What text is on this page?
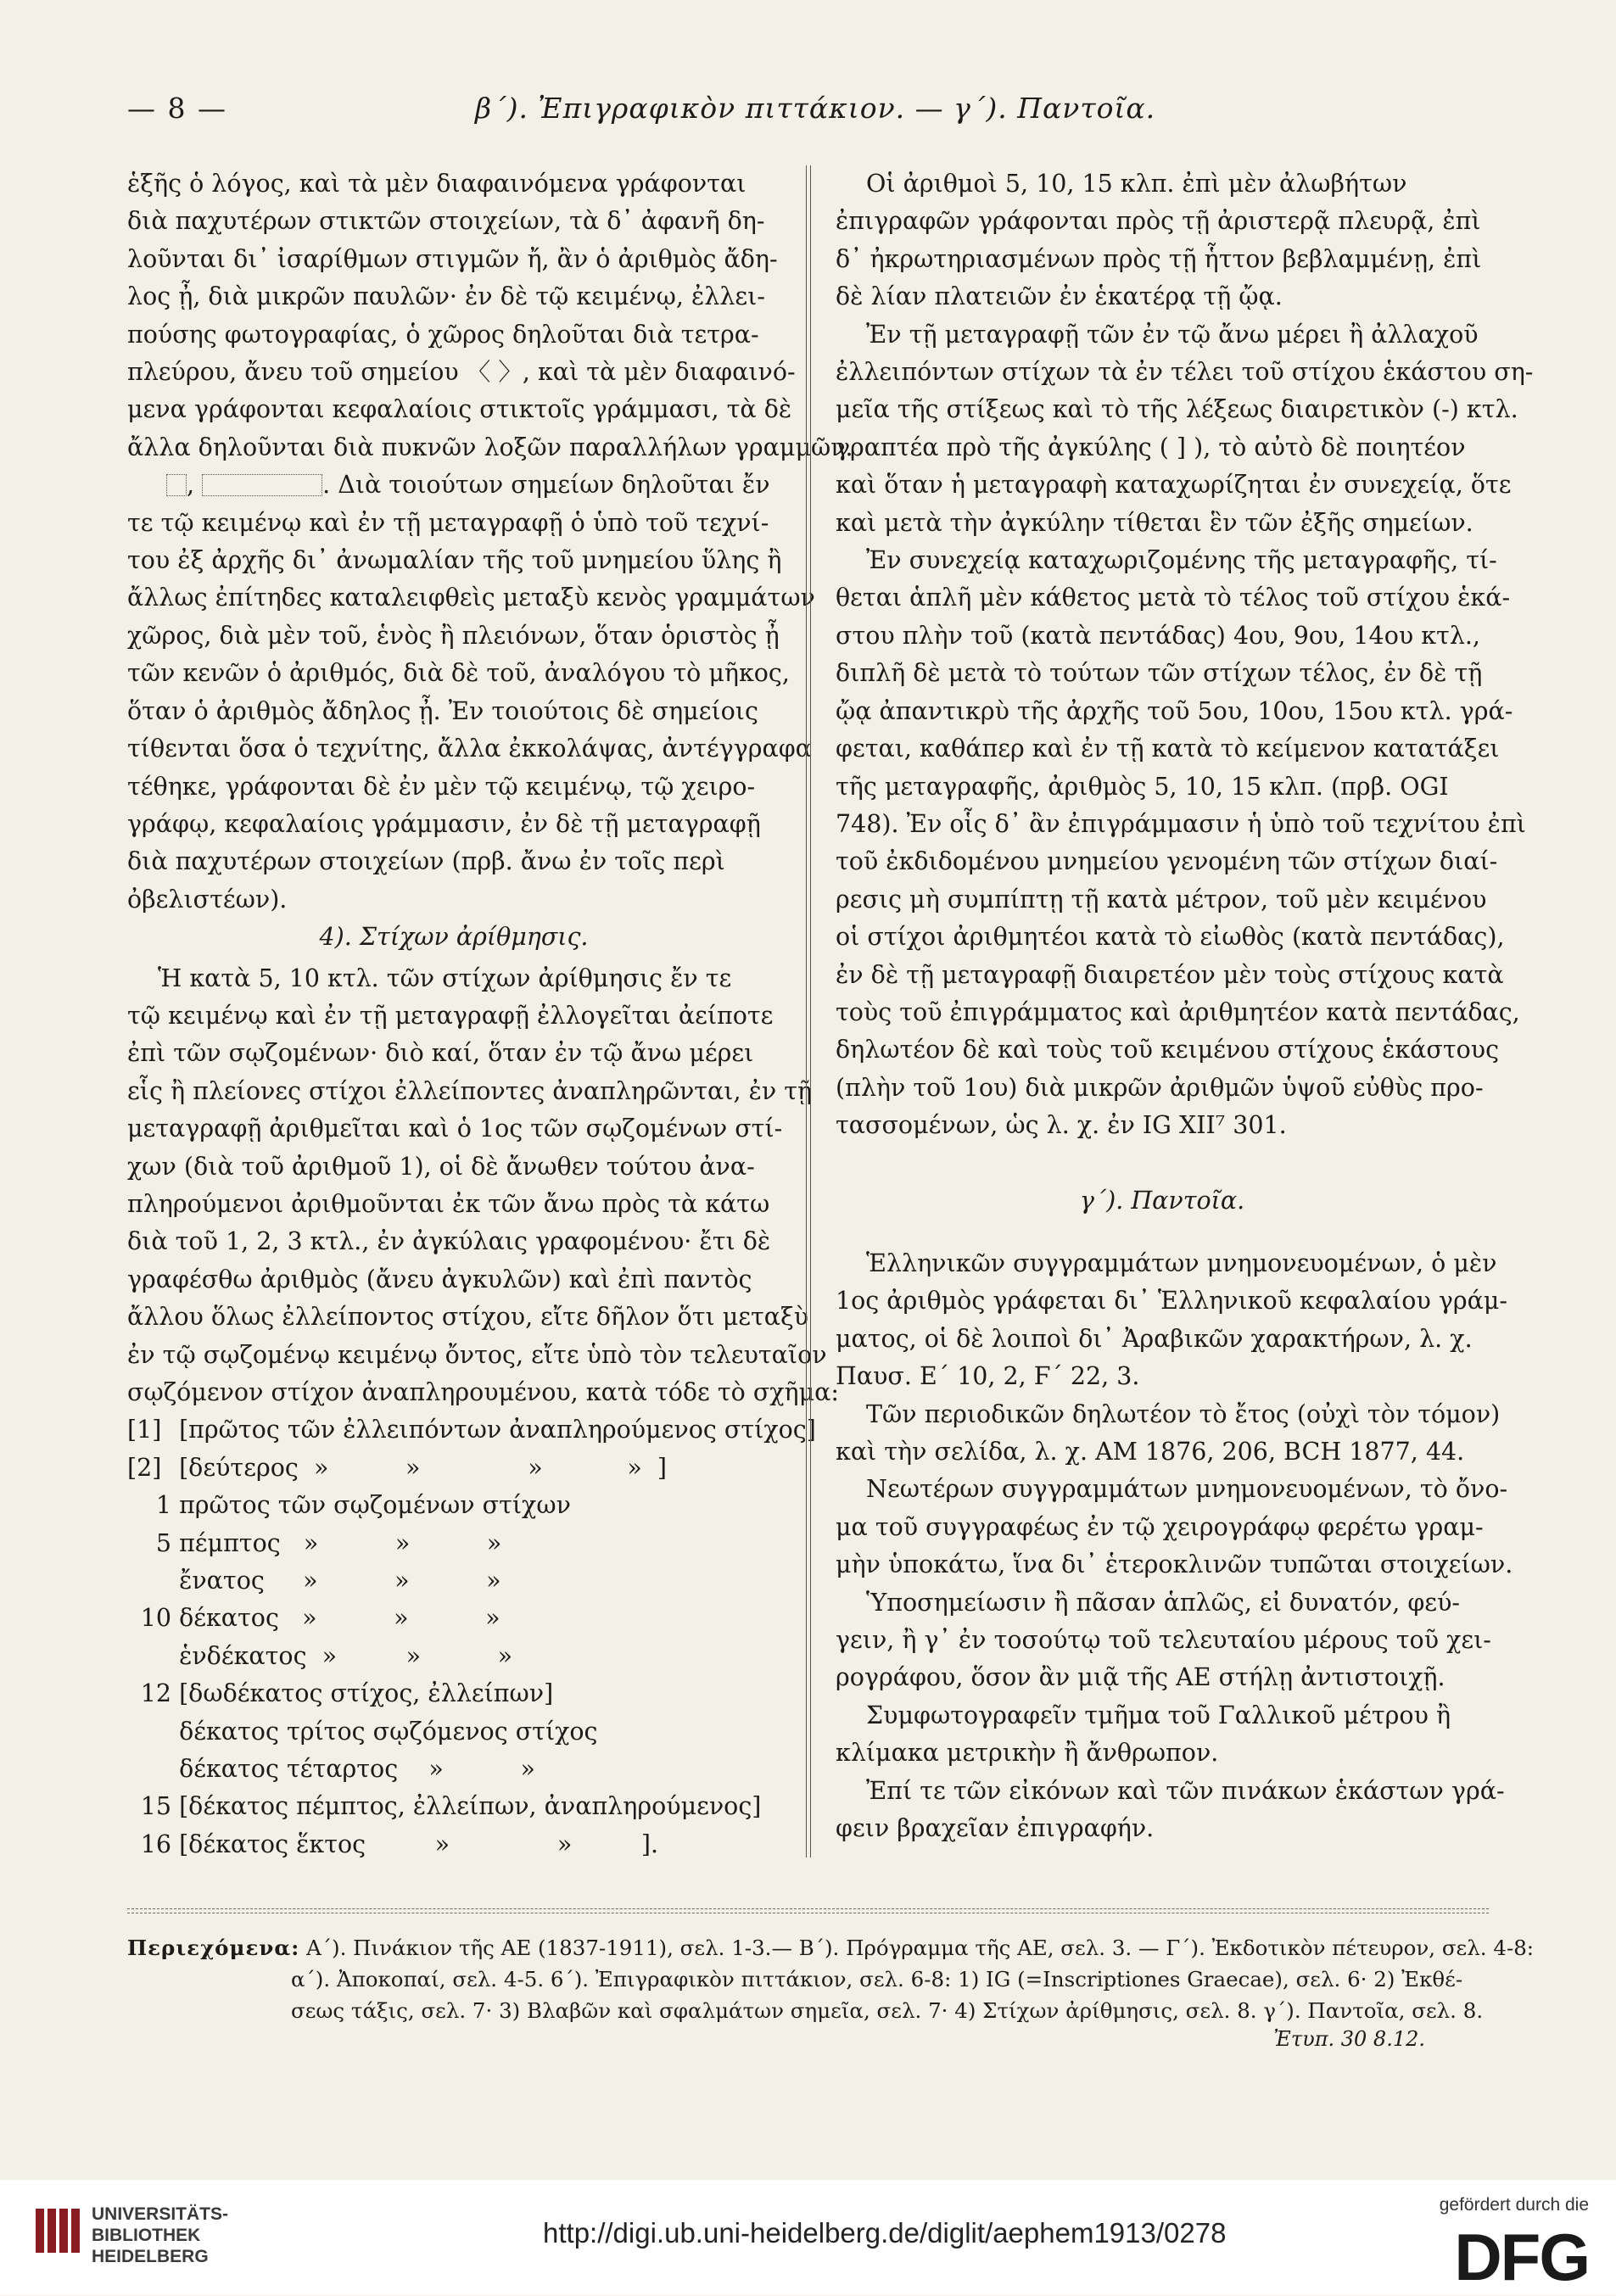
— 8 —	β΄). Ἐπιγραφικὸν πιττάκιον. — γ΄). Παντοῖα.

ἑξῆς ὁ λόγος, καὶ τὰ μὲν διαφαινόμενα γράφονται
διὰ παχυτέρων στικτῶν στοιχείων, τὰ δ᾽ ἀφανῆ δη-
λοῦνται δι᾽ ἰσαρίθμων στιγμῶν ἤ, ἂν ὁ ἀριθμὸς ἄδη-
λος ᾖ, διὰ μικρῶν παυλῶν· ἐν δὲ τῷ κειμένῳ, ἐλλει-
πούσης φωτογραφίας, ὁ χῶρος δηλοῦται διὰ τετρα-
πλεύρου, ἄνευ τοῦ σημείου 〈 〉, καὶ τὰ μὲν διαφαινό-
μενα γράφονται κεφαλαίοις στικτοῖς γράμμασι, τὰ δὲ
ἄλλα δηλοῦνται διὰ πυκνῶν λοξῶν παραλλήλων γραμμῶν.

,	. Διὰ τοιούτων σημείων δηλοῦται ἔν
τε τῷ κειμένῳ καὶ ἐν τῇ μεταγραφῇ ὁ ὑπὸ τοῦ τεχνί-
του ἐξ ἀρχῆς δι᾽ ἀνωμαλίαν τῆς τοῦ μνημείου ὕλης ἢ
ἄλλως ἐπίτηδες καταλειφθεὶς μεταξὺ κενὸς γραμμάτων
χῶρος, διὰ μὲν τοῦ, ἑνὸς ἢ πλειόνων, ὅταν ὁριστὸς ᾖ
τῶν κενῶν ὁ ἀριθμός, διὰ δὲ τοῦ, ἀναλόγου τὸ μῆκος,
ὅταν ὁ ἀριθμὸς ἄδηλος ᾖ. Ἐν τοιούτοις δὲ σημείοις
τίθενται ὅσα ὁ τεχνίτης, ἄλλα ἐκκολάψας, ἀντέγγραφα
τέθηκε, γράφονται δὲ ἐν μὲν τῷ κειμένῳ, τῷ χειρο-
γράφῳ, κεφαλαίοις γράμμασιν, ἐν δὲ τῇ μεταγραφῇ
διὰ παχυτέρων στοιχείων (πρβ. ἄνω ἐν τοῖς περὶ
ὀβελιστέων).

4). Στίχων ἀρίθμησις.

Ἡ κατὰ 5, 10 κτλ. τῶν στίχων ἀρίθμησις ἔν τε
τῷ κειμένῳ καὶ ἐν τῇ μεταγραφῇ ἐλλογεῖται ἀείποτε
ἐπὶ τῶν σῳζομένων· διὸ καί, ὅταν ἐν τῷ ἄνω μέρει
εἷς ἢ πλείονες στίχοι ἐλλείποντες ἀναπληρῶνται, ἐν τῇ
μεταγραφῇ ἀριθμεῖται καὶ ὁ 1ος τῶν σῳζομένων στί-
χων (διὰ τοῦ ἀριθμοῦ 1), οἱ δὲ ἄνωθεν τούτου ἀνα-
πληρούμενοι ἀριθμοῦνται ἐκ τῶν ἄνω πρὸς τὰ κάτω
διὰ τοῦ 1, 2, 3 κτλ., ἐν ἀγκύλαις γραφομένου· ἔτι δὲ
γραφέσθω ἀριθμὸς (ἄνευ ἀγκυλῶν) καὶ ἐπὶ παντὸς
ἄλλου ὅλως ἐλλείποντος στίχου, εἴτε δῆλον ὅτι μεταξὺ
ἐν τῷ σῳζομένῳ κειμένῳ ὄντος, εἴτε ὑπὸ τὸν τελευταῖον
σῳζόμενον στίχον ἀναπληρουμένου, κατὰ τόδε τὸ σχῆμα:

[1] [πρῶτος τῶν ἐλλειπόντων ἀναπληρούμενος στίχος]
[2] [δεύτερος  »          »              »           »  ]
1 πρῶτος τῶν σῳζομένων στίχων
5 πέμπτος   »          »          »
ἔνατος     »          »          »
10 δέκατος   »          »          »
ἑνδέκατος  »         »          »
12 [δωδέκατος στίχος, ἐλλείπων]
δέκατος τρίτος σῳζόμενος στίχος
δέκατος τέταρτος    »          »
15 [δέκατος πέμπτος, ἐλλείπων, ἀναπληρούμενος]
16 [δέκατος ἕκτος         »              »         ].

Οἱ ἀριθμοὶ 5, 10, 15 κλπ. ἐπὶ μὲν ἀλωβήτων
ἐπιγραφῶν γράφονται πρὸς τῇ ἀριστερᾷ πλευρᾷ, ἐπὶ
δ᾽ ἠκρωτηριασμένων πρὸς τῇ ἧττον βεβλαμμένῃ, ἐπὶ
δὲ λίαν πλατειῶν ἐν ἑκατέρᾳ τῇ ᾤᾳ.

Ἐν τῇ μεταγραφῇ τῶν ἐν τῷ ἄνω μέρει ἢ ἀλλαχοῦ
ἐλλειπόντων στίχων τὰ ἐν τέλει τοῦ στίχου ἑκάστου ση-
μεῖα τῆς στίξεως καὶ τὸ τῆς λέξεως διαιρετικὸν (-) κτλ.
γραπτέα πρὸ τῆς ἀγκύλης ( ] ), τὸ αὐτὸ δὲ ποιητέον
καὶ ὅταν ἡ μεταγραφὴ καταχωρίζηται ἐν συνεχείᾳ, ὅτε
καὶ μετὰ τὴν ἀγκύλην τίθεται ἓν τῶν ἐξῆς σημείων.

Ἐν συνεχείᾳ καταχωριζομένης τῆς μεταγραφῆς, τί-
θεται ἁπλῆ μὲν κάθετος μετὰ τὸ τέλος τοῦ στίχου ἑκά-
στου πλὴν τοῦ (κατὰ πεντάδας) 4ου, 9ου, 14ου κτλ.,
διπλῆ δὲ μετὰ τὸ τούτων τῶν στίχων τέλος, ἐν δὲ τῇ
ᾤᾳ ἀπαντικρὺ τῆς ἀρχῆς τοῦ 5ου, 10ου, 15ου κτλ. γρά-
φεται, καθάπερ καὶ ἐν τῇ κατὰ τὸ κείμενον κατατάξει
τῆς μεταγραφῆς, ἀριθμὸς 5, 10, 15 κλπ. (πρβ. OGI
748). Ἐν οἷς δ᾽ ἂν ἐπιγράμμασιν ἡ ὑπὸ τοῦ τεχνίτου ἐπὶ
τοῦ ἐκδιδομένου μνημείου γενομένη τῶν στίχων διαί-
ρεσις μὴ συμπίπτῃ τῇ κατὰ μέτρον, τοῦ μὲν κειμένου
οἱ στίχοι ἀριθμητέοι κατὰ τὸ εἰωθὸς (κατὰ πεντάδας),
ἐν δὲ τῇ μεταγραφῇ διαιρετέον μὲν τοὺς στίχους κατὰ
τοὺς τοῦ ἐπιγράμματος καὶ ἀριθμητέον κατὰ πεντάδας,
δηλωτέον δὲ καὶ τοὺς τοῦ κειμένου στίχους ἑκάστους
(πλὴν τοῦ 1ου) διὰ μικρῶν ἀριθμῶν ὑψοῦ εὐθὺς προ-
τασσομένων, ὡς λ. χ. ἐν IG XII⁷ 301.

γ΄). Παντοῖα.

Ἑλληνικῶν συγγραμμάτων μνημονευομένων, ὁ μὲν
1ος ἀριθμὸς γράφεται δι᾽ Ἑλληνικοῦ κεφαλαίου γράμ-
ματος, οἱ δὲ λοιποὶ δι᾽ Ἀραβικῶν χαρακτήρων, λ. χ.
Παυσ. Ε΄ 10, 2, Ϝ΄ 22, 3.

Τῶν περιοδικῶν δηλωτέον τὸ ἔτος (οὐχὶ τὸν τόμον)
καὶ τὴν σελίδα, λ. χ. ΑΜ 1876, 206, BCH 1877, 44.

Νεωτέρων συγγραμμάτων μνημονευομένων, τὸ ὄνο-
μα τοῦ συγγραφέως ἐν τῷ χειρογράφῳ φερέτω γραμ-
μὴν ὑποκάτω, ἵνα δι᾽ ἑτεροκλινῶν τυπῶται στοιχείων.

Ὑποσημείωσιν ἢ πᾶσαν ἁπλῶς, εἰ δυνατόν, φεύ-
γειν, ἢ γ᾽ ἐν τοσούτῳ τοῦ τελευταίου μέρους τοῦ χει-
ρογράφου, ὅσον ἂν μιᾷ τῆς ΑΕ στήλῃ ἀντιστοιχῇ.

Συμφωτογραφεῖν τμῆμα τοῦ Γαλλικοῦ μέτρου ἢ
κλίμακα μετρικὴν ἢ ἄνθρωπον.

Ἐπί τε τῶν εἰκόνων καὶ τῶν πινάκων ἑκάστων γρά-
φειν βραχεῖαν ἐπιγραφήν.

Περιεχόμενα: Α΄). Πινάκιον τῆς ΑΕ (1837-1911), σελ. 1-3.— Β΄). Πρόγραμμα τῆς ΑΕ, σελ. 3. — Γ΄). Ἐκδοτικὸν πέτευρον, σελ. 4-8:
α΄). Ἀποκοπαί, σελ. 4-5. 6΄). Ἐπιγραφικὸν πιττάκιον, σελ. 6-8: 1) IG (=Inscriptiones Graecae), σελ. 6· 2) Ἐκθέ-
σεως τάξις, σελ. 7· 3) Βλαβῶν καὶ σφαλμάτων σημεῖα, σελ. 7· 4) Στίχων ἀρίθμησις, σελ. 8. γ΄). Παντοῖα, σελ. 8.
Ἐτυπ. 30 8.12.
UNIVERSITÄTS-
BIBLIOTHEK
HEIDELBERG
http://digi.ub.uni-heidelberg.de/diglit/aephem1913/0278
gefördert durch die
DFG
